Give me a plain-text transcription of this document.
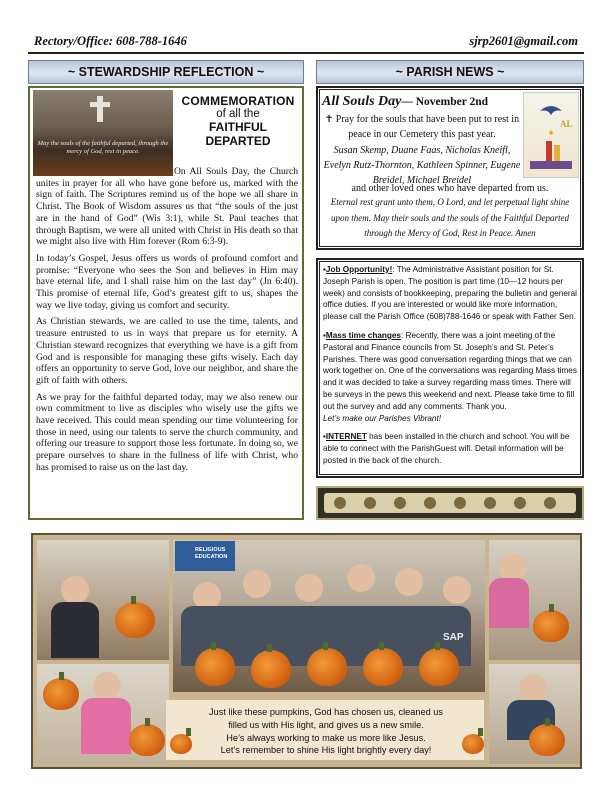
Rectory/Office: 608-788-1646	sjrp2601@gmail.com
~ STEWARDSHIP REFLECTION ~	~ PARISH NEWS ~
May the souls of the faithful departed, through the mercy of God, rest in peace.
COMMEMORATION
of all the
FAITHFUL
DEPARTED

On All Souls Day, the Church unites in prayer for all who have gone before us, marked with the sign of faith. The Scriptures remind us of the hope we all share in Christ. The Book of Wisdom assures us that “the souls of the just are in the hand of God” (Wis 3:1), while St. Paul teaches that through Baptism, we were all united with Christ in His death so that we might also live with Him forever (Rom 6:3-9).

In today’s Gospel, Jesus offers us words of profound comfort and promise: “Everyone who sees the Son and believes in Him may have eternal life, and I shall raise him on the last day” (Jn 6:40). This promise of eternal life, God’s greatest gift to us, shapes the way we live today, giving us comfort and security.

As Christian stewards, we are called to use the time, talents, and treasure entrusted to us in ways that prepare us for eternity. A Christian steward recognizes that everything we have is a gift from God and is responsible for managing these gifts wisely. Each day offers an opportunity to serve God, love our neighbor, and share the gift of faith with others.

As we pray for the faithful departed today, may we also renew our own commitment to live as disciples who wisely use the gifts we have received. This could mean spending our time volunteering for those in need, using our talents to serve the church community, and offering our treasure to support those less fortunate. In doing so, we prepare ourselves to share in the fullness of life with Christ, who has promised to raise us on the last day.

All Souls Day— November 2nd
AL
✝ Pray for the souls that have been put to rest in peace in our Cemetery this past year.
Susan Skemp, Duane Faas, Nicholas Kneifl, Evelyn Rutz-Thornton, Kathleen Spinner, Eugene Breidel, Michael Breidel
and other loved ones who have departed from us.
Eternal rest grant unto them, O Lord, and let perpetual light shine upon them. May their souls and the souls of the Faithful Departed through the Mercy of God, Rest in Peace. Amen

▪Job Opportunity!: The Administrative Assistant position for St. Joseph Parish is open. The position is part time (10—12 hours per week) and consists of bookkeeping, preparing the bulletin and general office duties. If you are interested or would like more information, please call the Parish Office (608)788-1646 or speak with Father Sen.

▪Mass time changes: Recently, there was a joint meeting of the Pastoral and Finance councils from St. Joseph’s and St. Peter’s Parishes. There was good conversation regarding things that we can work together on. One of the conversations was regarding Mass times and it was decided to take a survey regarding mass times. There will be surveys in the pews this weekend and next. Please take time to fill out the survey and add any comments. Thank you.
Let’s make our Parishes Vibrant!

▪INTERNET has been installed in the church and school. You will be able to connect with the ParishGuest wifi. Detail information will be posted in the back of the church.

SAP
RELIGIOUS EDUCATION
Just like these pumpkins, God has chosen us, cleaned us
filled us with His light, and gives us a new smile.
He’s always working to make us more like Jesus.
Let’s remember to shine His light brightly every day!
